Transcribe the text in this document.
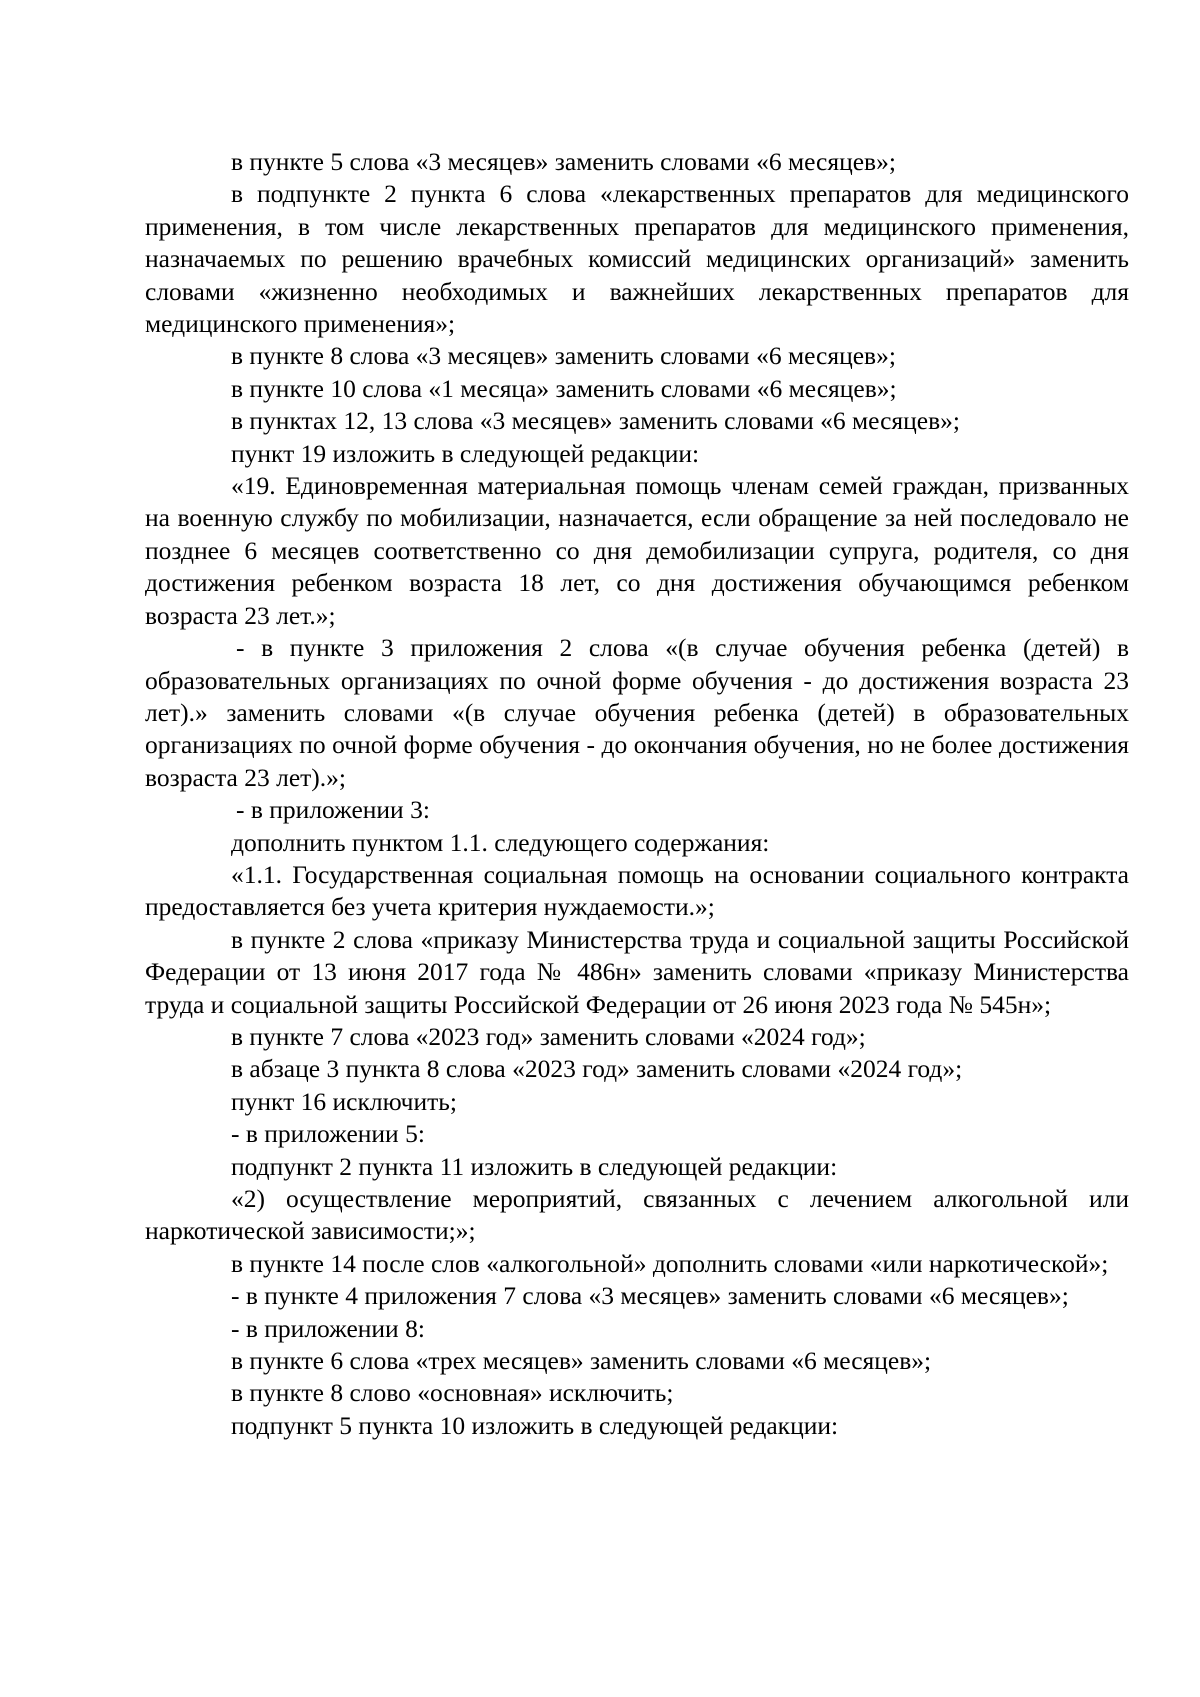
в пункте 5 слова «3 месяцев» заменить словами «6 месяцев»;

в подпункте 2 пункта 6 слова «лекарственных препаратов для медицинского применения, в том числе лекарственных препаратов для медицинского применения, назначаемых по решению врачебных комиссий медицинских организаций» заменить словами «жизненно необходимых и важнейших лекарственных препаратов для медицинского применения»;

в пункте 8 слова «3 месяцев» заменить словами «6 месяцев»;

в пункте 10 слова «1 месяца» заменить словами «6 месяцев»;

в пунктах 12, 13 слова «3 месяцев» заменить словами «6 месяцев»;

пункт 19 изложить в следующей редакции:

«19. Единовременная материальная помощь членам семей граждан, призванных на военную службу по мобилизации, назначается, если обращение за ней последовало не позднее 6 месяцев соответственно со дня демобилизации супруга, родителя, со дня достижения ребенком возраста 18 лет, со дня достижения обучающимся ребенком возраста 23 лет.»;

- в пункте 3 приложения 2 слова «(в случае обучения ребенка (детей) в образовательных организациях по очной форме обучения - до достижения возраста 23 лет).» заменить словами «(в случае обучения ребенка (детей) в образовательных организациях по очной форме обучения - до окончания обучения, но не более достижения возраста 23 лет).»;

- в приложении 3:

дополнить пунктом 1.1. следующего содержания:

«1.1. Государственная социальная помощь на основании социального контракта предоставляется без учета критерия нуждаемости.»;

в пункте 2 слова «приказу Министерства труда и социальной защиты Российской Федерации от 13 июня 2017 года № 486н» заменить словами «приказу Министерства труда и социальной защиты Российской Федерации от 26 июня 2023 года № 545н»;

в пункте 7 слова «2023 год» заменить словами «2024 год»;

в абзаце 3 пункта 8 слова «2023 год» заменить словами «2024 год»;

пункт 16 исключить;

- в приложении 5:

подпункт 2 пункта 11 изложить в следующей редакции:

«2) осуществление мероприятий, связанных с лечением алкогольной или наркотической зависимости;»;

в пункте 14 после слов «алкогольной» дополнить словами «или наркотической»;

- в пункте 4 приложения 7 слова «3 месяцев» заменить словами «6 месяцев»;

- в приложении 8:

в пункте 6 слова «трех месяцев» заменить словами «6 месяцев»;

в пункте 8 слово «основная» исключить;

подпункт 5 пункта 10 изложить в следующей редакции:
